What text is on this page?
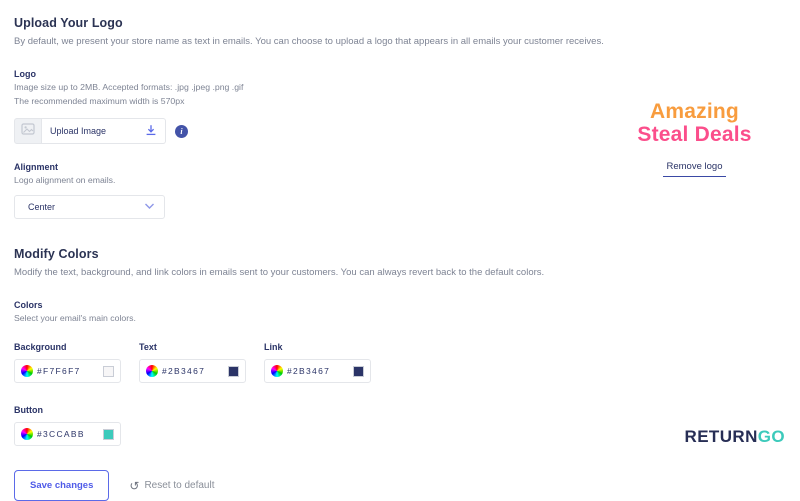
Upload Your Logo
By default, we present your store name as text in emails. You can choose to upload a logo that appears in all emails your customer receives.
Logo
Image size up to 2MB. Accepted formats: .jpg .jpeg .png .gif
The recommended maximum width is 570px
Upload Image	i
Alignment
Logo alignment on emails.
Center
Modify Colors
Modify the text, background, and link colors in emails sent to your customers. You can always revert back to the default colors.
Colors
Select your email's main colors.
Background
#F7F6F7
Text
#2B3467
Link
#2B3467
Button
#3CCABB
Save changes	↺ Reset to default
Amazing
Steal Deals
Remove logo
RETURNGO
